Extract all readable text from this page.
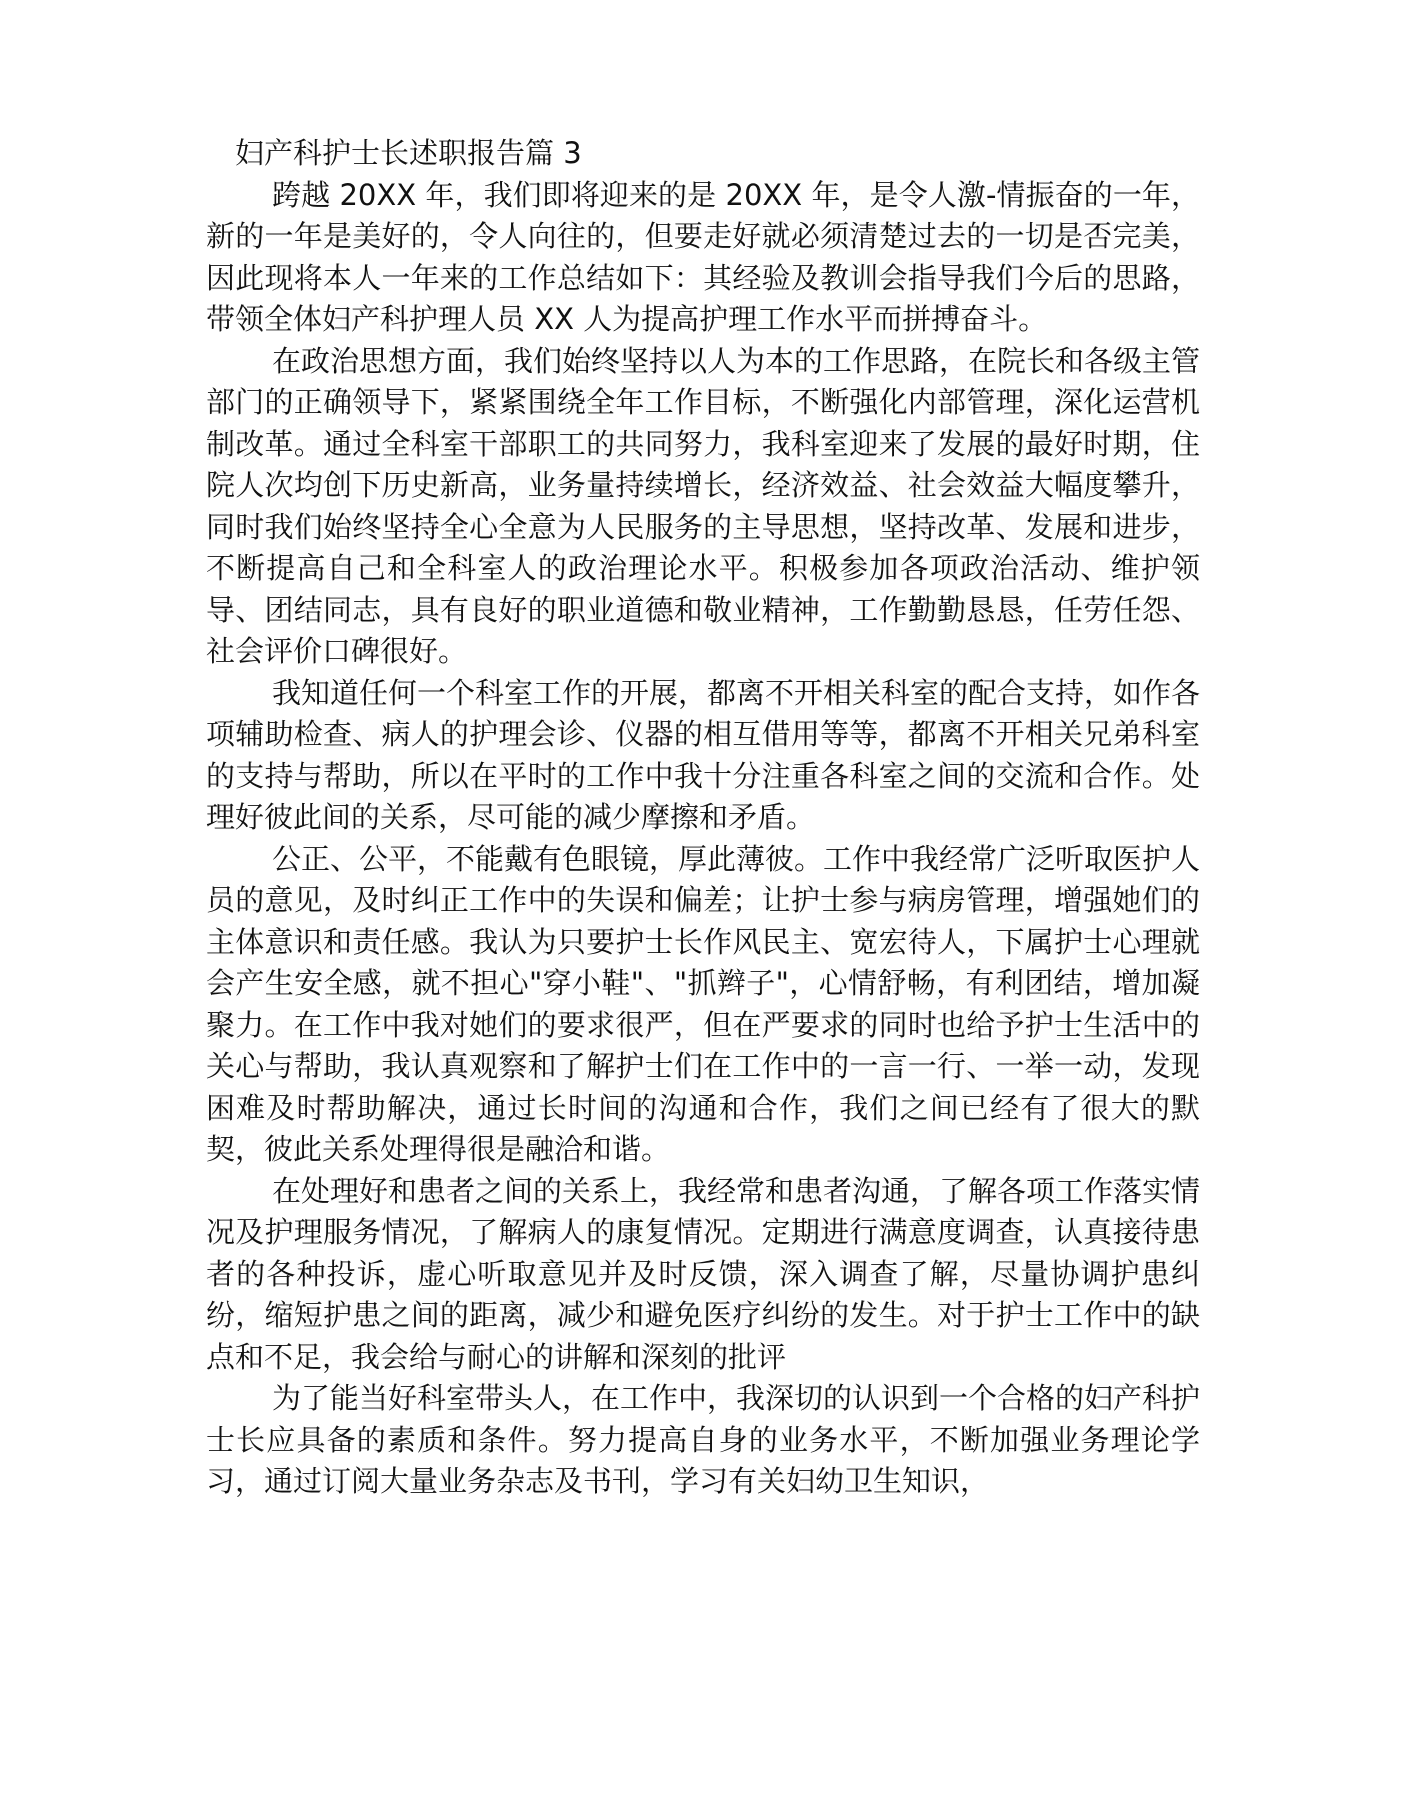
妇产科护士长述职报告篇 3

跨越 20XX 年，我们即将迎来的是 20XX 年，是令人激-情振奋的一年，新的一年是美好的，令人向往的，但要走好就必须清楚过去的一切是否完美，因此现将本人一年来的工作总结如下：其经验及教训会指导我们今后的思路，带领全体妇产科护理人员 XX 人为提高护理工作水平而拼搏奋斗。

在政治思想方面，我们始终坚持以人为本的工作思路，在院长和各级主管部门的正确领导下，紧紧围绕全年工作目标，不断强化内部管理，深化运营机制改革。通过全科室干部职工的共同努力，我科室迎来了发展的最好时期，住院人次均创下历史新高，业务量持续增长，经济效益、社会效益大幅度攀升，同时我们始终坚持全心全意为人民服务的主导思想，坚持改革、发展和进步，不断提高自己和全科室人的政治理论水平。积极参加各项政治活动、维护领导、团结同志，具有良好的职业道德和敬业精神，工作勤勤恳恳，任劳任怨、社会评价口碑很好。

我知道任何一个科室工作的开展，都离不开相关科室的配合支持，如作各项辅助检查、病人的护理会诊、仪器的相互借用等等，都离不开相关兄弟科室的支持与帮助，所以在平时的工作中我十分注重各科室之间的交流和合作。处理好彼此间的关系，尽可能的减少摩擦和矛盾。

公正、公平，不能戴有色眼镜，厚此薄彼。工作中我经常广泛听取医护人员的意见，及时纠正工作中的失误和偏差；让护士参与病房管理，增强她们的主体意识和责任感。我认为只要护士长作风民主、宽宏待人，下属护士心理就会产生安全感，就不担心"穿小鞋"、"抓辫子"，心情舒畅，有利团结，增加凝聚力。在工作中我对她们的要求很严，但在严要求的同时也给予护士生活中的关心与帮助，我认真观察和了解护士们在工作中的一言一行、一举一动，发现困难及时帮助解决，通过长时间的沟通和合作，我们之间已经有了很大的默契，彼此关系处理得很是融洽和谐。

在处理好和患者之间的关系上，我经常和患者沟通，了解各项工作落实情况及护理服务情况，了解病人的康复情况。定期进行满意度调查，认真接待患者的各种投诉，虚心听取意见并及时反馈，深入调查了解，尽量协调护患纠纷，缩短护患之间的距离，减少和避免医疗纠纷的发生。对于护士工作中的缺点和不足，我会给与耐心的讲解和深刻的批评

为了能当好科室带头人，在工作中，我深切的认识到一个合格的妇产科护士长应具备的素质和条件。努力提高自身的业务水平，不断加强业务理论学习，通过订阅大量业务杂志及书刊，学习有关妇幼卫生知识，
